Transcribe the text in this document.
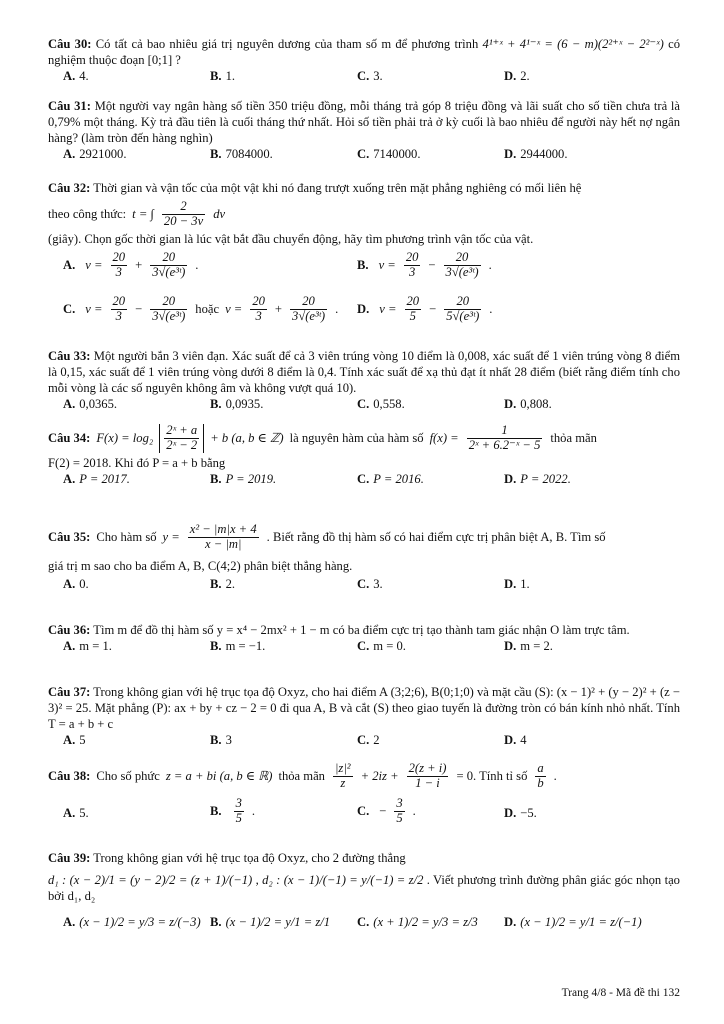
Câu 30: Có tất cả bao nhiêu giá trị nguyên dương của tham số m để phương trình 4¹⁺ˣ + 4¹⁻ˣ = (6 − m)(2²⁺ˣ − 2²⁻ˣ) có nghiệm thuộc đoạn [0;1] ?

A. 4.	B. 1.	C. 3.	D. 2.

Câu 31: Một người vay ngân hàng số tiền 350 triệu đồng, mỗi tháng trả góp 8 triệu đồng và lãi suất cho số tiền chưa trả là 0,79% một tháng. Kỳ trả đầu tiên là cuối tháng thứ nhất. Hỏi số tiền phải trả ở kỳ cuối là bao nhiêu để người này hết nợ ngân hàng? (làm tròn đến hàng nghìn)

A. 2921000.	B. 7084000.	C. 7140000.	D. 2944000.

Câu 32: Thời gian và vận tốc của một vật khi nó đang trượt xuống trên mặt phẳng nghiêng có mối liên hệ

theo công thức: t = ∫ $\frac{2}{20 - 3v}$ dv

(giây). Chọn gốc thời gian là lúc vật bắt đầu chuyển động, hãy tìm phương trình vận tốc của vật.

A. $v = \frac{20}{3} + \frac{20}{\text{3√(e³ᵗ)}}$ .	B. $v = \frac{20}{3} - \frac{20}{\text{3√(e³ᵗ)}}$ .
C. $v = \frac{20}{3} - \frac{20}{\text{3√(e³ᵗ)}}$ hoặc $v = \frac{20}{3} + \frac{20}{\text{3√(e³ᵗ)}}$ . D. $v = \frac{20}{5} - \frac{20}{\text{5√(e³ᵗ)}}$ .

Câu 33: Một người bắn 3 viên đạn. Xác suất để cả 3 viên trúng vòng 10 điểm là 0,008, xác suất để 1 viên trúng vòng 8 điểm là 0,15, xác suất để 1 viên trúng vòng dưới 8 điểm là 0,4. Tính xác suất để xạ thủ đạt ít nhất 28 điểm (biết rằng điểm tính cho mỗi vòng là các số nguyên không âm và không vượt quá 10).

A. 0,0365.	B. 0,0935.	C. 0,558.	D. 0,808.
Câu 34: $F(x) = \log_2 \frac{\text{2ˣ + a}}{\text{2ˣ − 2}} + b$ (a, b ∈ ℤ) là nguyên hàm của hàm số $f(x) = \frac{1}{\text{2ˣ + 6.2⁻ˣ − 5}}$ thỏa mãn

F(2) = 2018. Khi đó P = a + b bằng

A. P = 2017.	B. P = 2019.	C. P = 2016.	D. P = 2022.
Câu 35: Cho hàm số $y = \frac{\text{x² − |m|x + 4}}{x - |m|}$ . Biết rằng đồ thị hàm số có hai điểm cực trị phân biệt A, B. Tìm số

giá trị m sao cho ba điểm A, B, C(4;2) phân biệt thẳng hàng.

A. 0.	B. 2.	C. 3.	D. 1.

Câu 36: Tìm m để đồ thị hàm số y = x⁴ − 2mx² + 1 − m có ba điểm cực trị tạo thành tam giác nhận O làm trực tâm.

A. m = 1.	B. m = −1.	C. m = 0.	D. m = 2.

Câu 37: Trong không gian với hệ trục tọa độ Oxyz, cho hai điểm A (3;2;6), B(0;1;0) và mặt cầu (S): (x − 1)² + (y − 2)² + (z − 3)² = 25. Mặt phẳng (P): ax + by + cz − 2 = 0 đi qua A, B và cắt (S) theo giao tuyến là đường tròn có bán kính nhỏ nhất. Tính T = a + b + c

A. 5	B. 3	C. 2	D. 4
Câu 38: Cho số phức z = a + bi (a, b ∈ ℝ) thỏa mãn $\frac{\text{|z|²}}{z} + 2iz + \frac{2(z + i)}{1 - i} = 0$. Tính tỉ số $\frac{a}{b}$ .
A. 5.	B. $\frac{3}{5}$ .	C. − $\frac{3}{5}$ .	D. −5.

Câu 39: Trong không gian với hệ trục tọa độ Oxyz, cho 2 đường thẳng

d₁ : (x − 2)/1 = (y − 2)/2 = (z + 1)/(−1) , d₂ : (x − 1)/(−1) = y/(−1) = z/2 . Viết phương trình đường phân giác góc nhọn tạo bởi d₁, d₂

A. (x − 1)/2 = y/3 = z/(−3) B. (x − 1)/2 = y/1 = z/1 C. (x + 1)/2 = y/3 = z/3 D. (x − 1)/2 = y/1 = z/(−1)
Trang 4/8 - Mã đề thi 132
